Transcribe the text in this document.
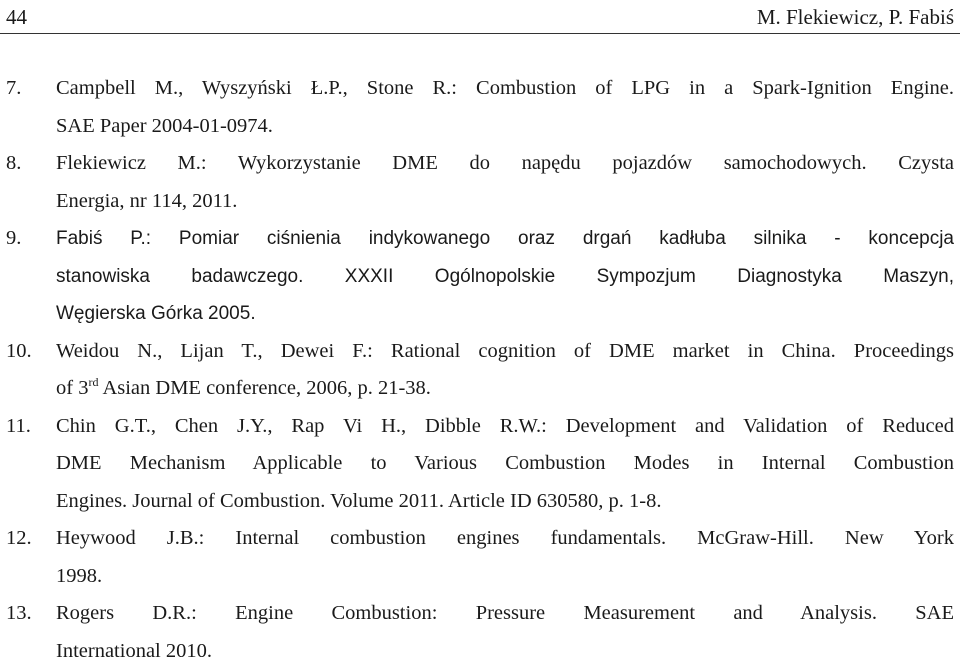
44	M. Flekiewicz, P. Fabiś
7.	Campbell M., Wyszyński Ł.P., Stone R.: Combustion of LPG in a Spark-Ignition Engine.
SAE Paper 2004-01-0974.
8.	Flekiewicz M.: Wykorzystanie DME do napędu pojazdów samochodowych. Czysta
Energia, nr 114, 2011.
9.	Fabiś P.: Pomiar ciśnienia indykowanego oraz drgań kadłuba silnika - koncepcja
stanowiska badawczego. XXXII Ogólnopolskie Sympozjum Diagnostyka Maszyn,
Węgierska Górka 2005.
10.	Weidou N., Lijan T., Dewei F.: Rational cognition of DME market in China. Proceedings
of 3rd Asian DME conference, 2006, p. 21-38.
11.	Chin G.T., Chen J.Y., Rap Vi H., Dibble R.W.: Development and Validation of Reduced
DME Mechanism Applicable to Various Combustion Modes in Internal Combustion
Engines. Journal of Combustion. Volume 2011. Article ID 630580, p. 1-8.
12.	Heywood J.B.: Internal combustion engines fundamentals. McGraw-Hill. New York
1998.
13.	Rogers D.R.: Engine Combustion: Pressure Measurement and Analysis. SAE
International 2010.
